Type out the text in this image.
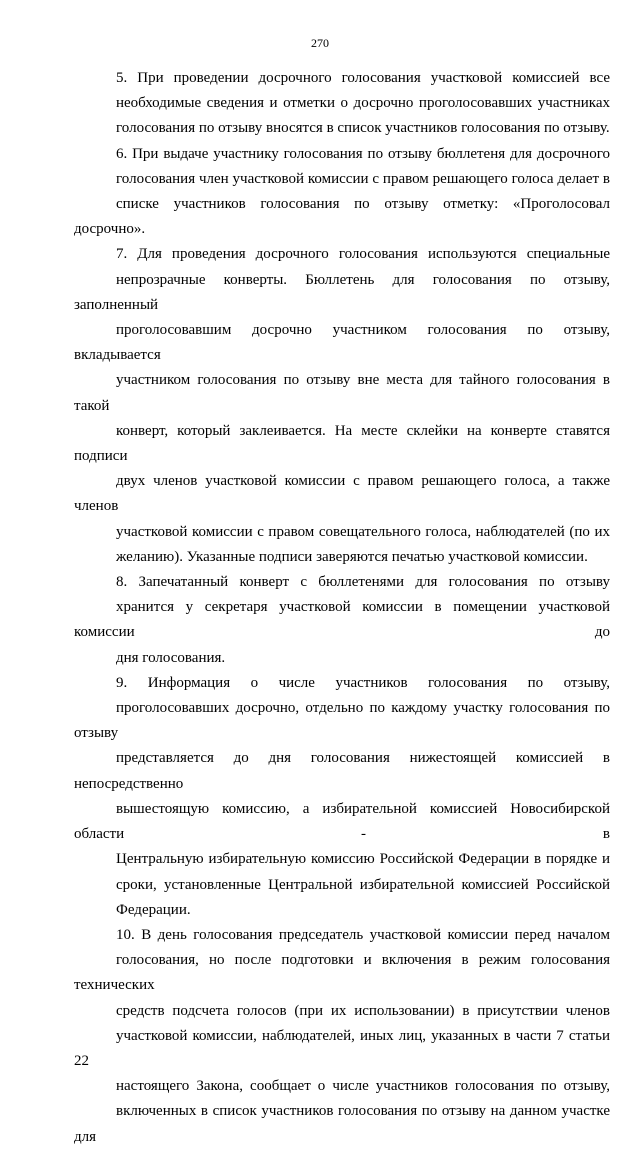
270

5. При проведении досрочного голосования участковой комиссией все
необходимые сведения и отметки о досрочно проголосовавших участниках
голосования по отзыву вносятся в список участников голосования по отзыву.

6. При выдаче участнику голосования по отзыву бюллетеня для досрочного
голосования член участковой комиссии с правом решающего голоса делает в
списке участников голосования по отзыву отметку: «Проголосовал досрочно».

7. Для проведения досрочного голосования используются специальные
непрозрачные конверты. Бюллетень для голосования по отзыву, заполненный
проголосовавшим досрочно участником голосования по отзыву, вкладывается
участником голосования по отзыву вне места для тайного голосования в такой
конверт, который заклеивается. На месте склейки на конверте ставятся подписи
двух членов участковой комиссии с правом решающего голоса, а также членов
участковой комиссии с правом совещательного голоса, наблюдателей (по их
желанию). Указанные подписи заверяются печатью участковой комиссии.

8. Запечатанный конверт с бюллетенями для голосования по отзыву
хранится у секретаря участковой комиссии в помещении участковой комиссии до
дня голосования.

9. Информация о числе участников голосования по отзыву,
проголосовавших досрочно, отдельно по каждому участку голосования по отзыву
представляется до дня голосования нижестоящей комиссией в непосредственно
вышестоящую комиссию, а избирательной комиссией Новосибирской области - в
Центральную избирательную комиссию Российской Федерации в порядке и
сроки, установленные Центральной избирательной комиссией Российской
Федерации.

10. В день голосования председатель участковой комиссии перед началом
голосования, но после подготовки и включения в режим голосования технических
средств подсчета голосов (при их использовании) в присутствии членов
участковой комиссии, наблюдателей, иных лиц, указанных в части 7 статьи 22
настоящего Закона, сообщает о числе участников голосования по отзыву,
включенных в список участников голосования по отзыву на данном участке для
